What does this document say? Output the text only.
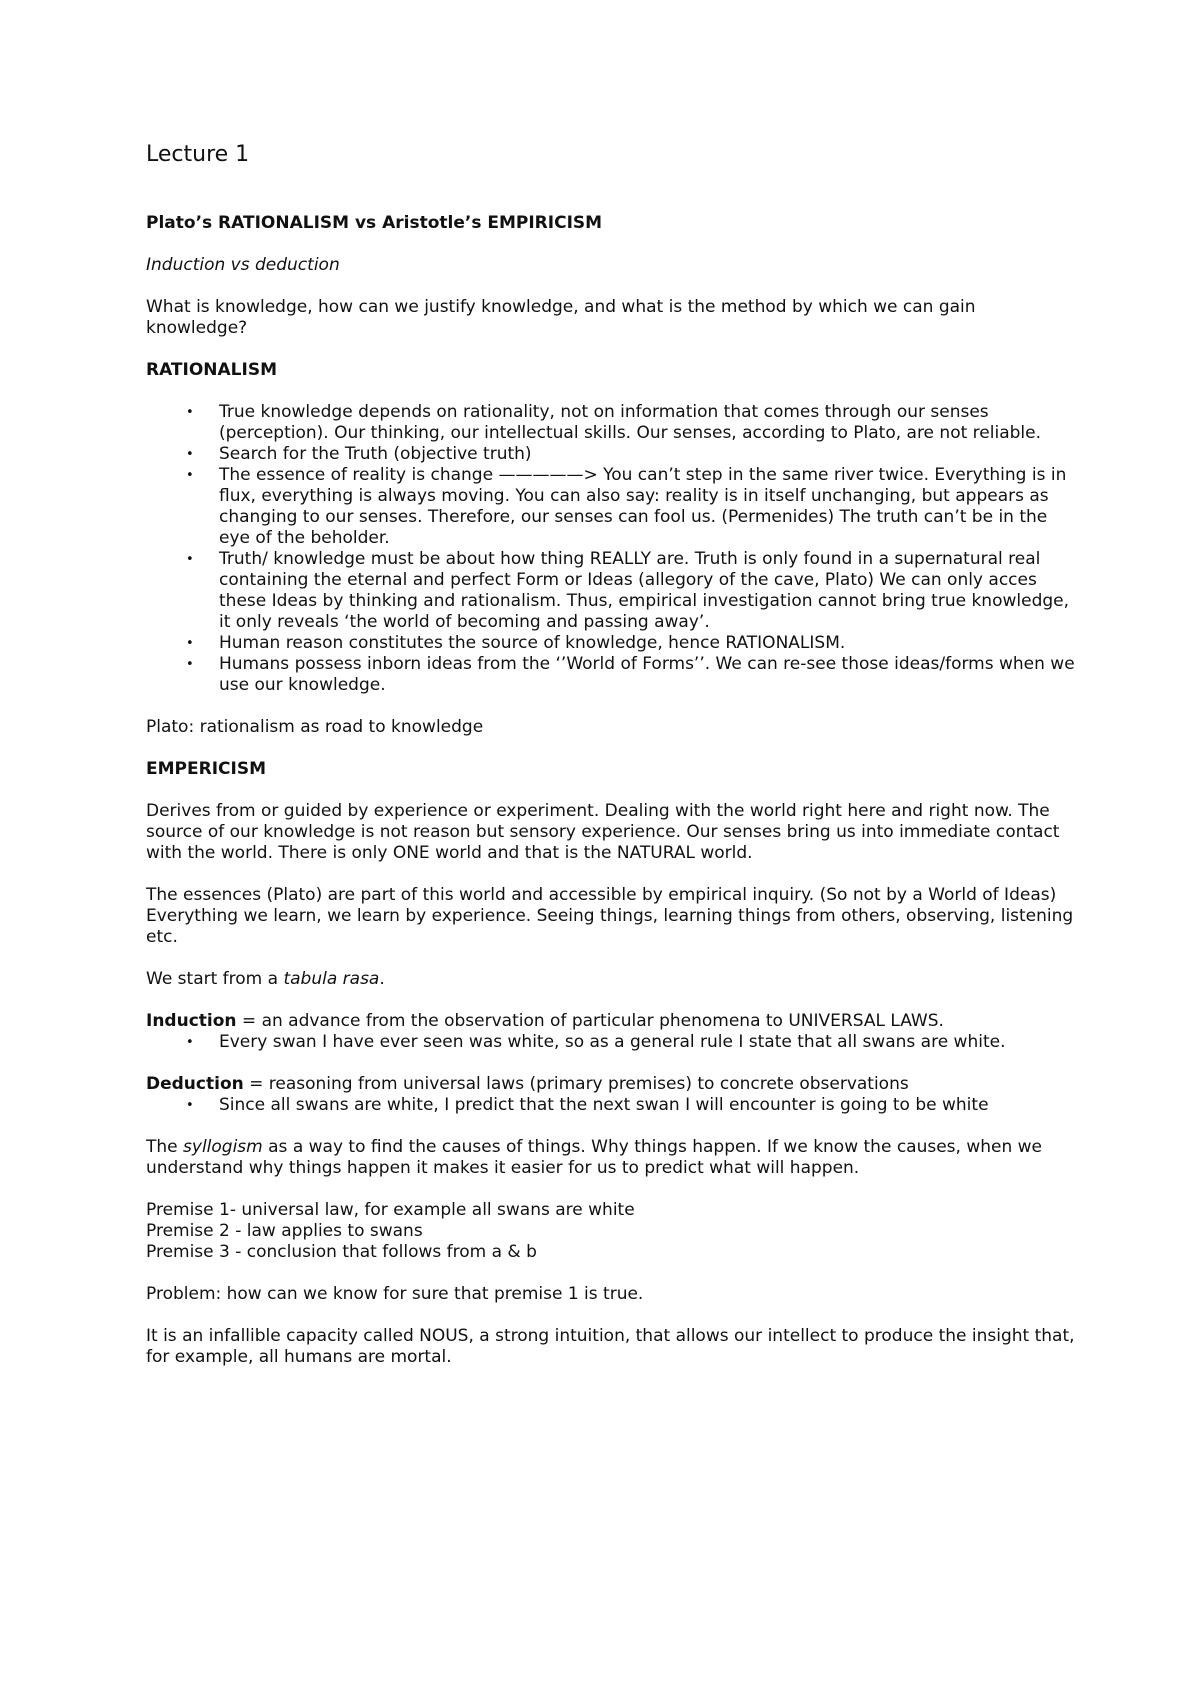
Lecture 1

Plato’s RATIONALISM vs Aristotle’s EMPIRICISM

Induction vs deduction

What is knowledge, how can we justify knowledge, and what is the method by which we can gain knowledge?

RATIONALISM

• True knowledge depends on rationality, not on information that comes through our senses (perception). Our thinking, our intellectual skills. Our senses, according to Plato, are not reliable.
• Search for the Truth (objective truth)
• The essence of reality is change —————> You can’t step in the same river twice. Everything is in flux, everything is always moving. You can also say: reality is in itself unchanging, but appears as changing to our senses. Therefore, our senses can fool us. (Permenides) The truth can’t be in the eye of the beholder.
• Truth/ knowledge must be about how thing REALLY are. Truth is only found in a supernatural real containing the eternal and perfect Form or Ideas (allegory of the cave, Plato) We can only acces these Ideas by thinking and rationalism. Thus, empirical investigation cannot bring true knowledge, it only reveals ‘the world of becoming and passing away’.
• Human reason constitutes the source of knowledge, hence RATIONALISM.
• Humans possess inborn ideas from the ‘’World of Forms’’. We can re-see those ideas/forms when we use our knowledge.

Plato: rationalism as road to knowledge

EMPERICISM

Derives from or guided by experience or experiment. Dealing with the world right here and right now. The source of our knowledge is not reason but sensory experience. Our senses bring us into immediate contact with the world. There is only ONE world and that is the NATURAL world.

The essences (Plato) are part of this world and accessible by empirical inquiry. (So not by a World of Ideas)

Everything we learn, we learn by experience. Seeing things, learning things from others, observing, listening etc.

We start from a tabula rasa.

Induction = an advance from the observation of particular phenomena to UNIVERSAL LAWS.

• Every swan I have ever seen was white, so as a general rule I state that all swans are white.

Deduction = reasoning from universal laws (primary premises) to concrete observations

• Since all swans are white, I predict that the next swan I will encounter is going to be white

The syllogism as a way to find the causes of things. Why things happen. If we know the causes, when we understand why things happen it makes it easier for us to predict what will happen.

Premise 1- universal law, for example all swans are white

Premise 2 - law applies to swans

Premise 3 - conclusion that follows from a & b

Problem: how can we know for sure that premise 1 is true.

It is an infallible capacity called NOUS, a strong intuition, that allows our intellect to produce the insight that, for example, all humans are mortal.
